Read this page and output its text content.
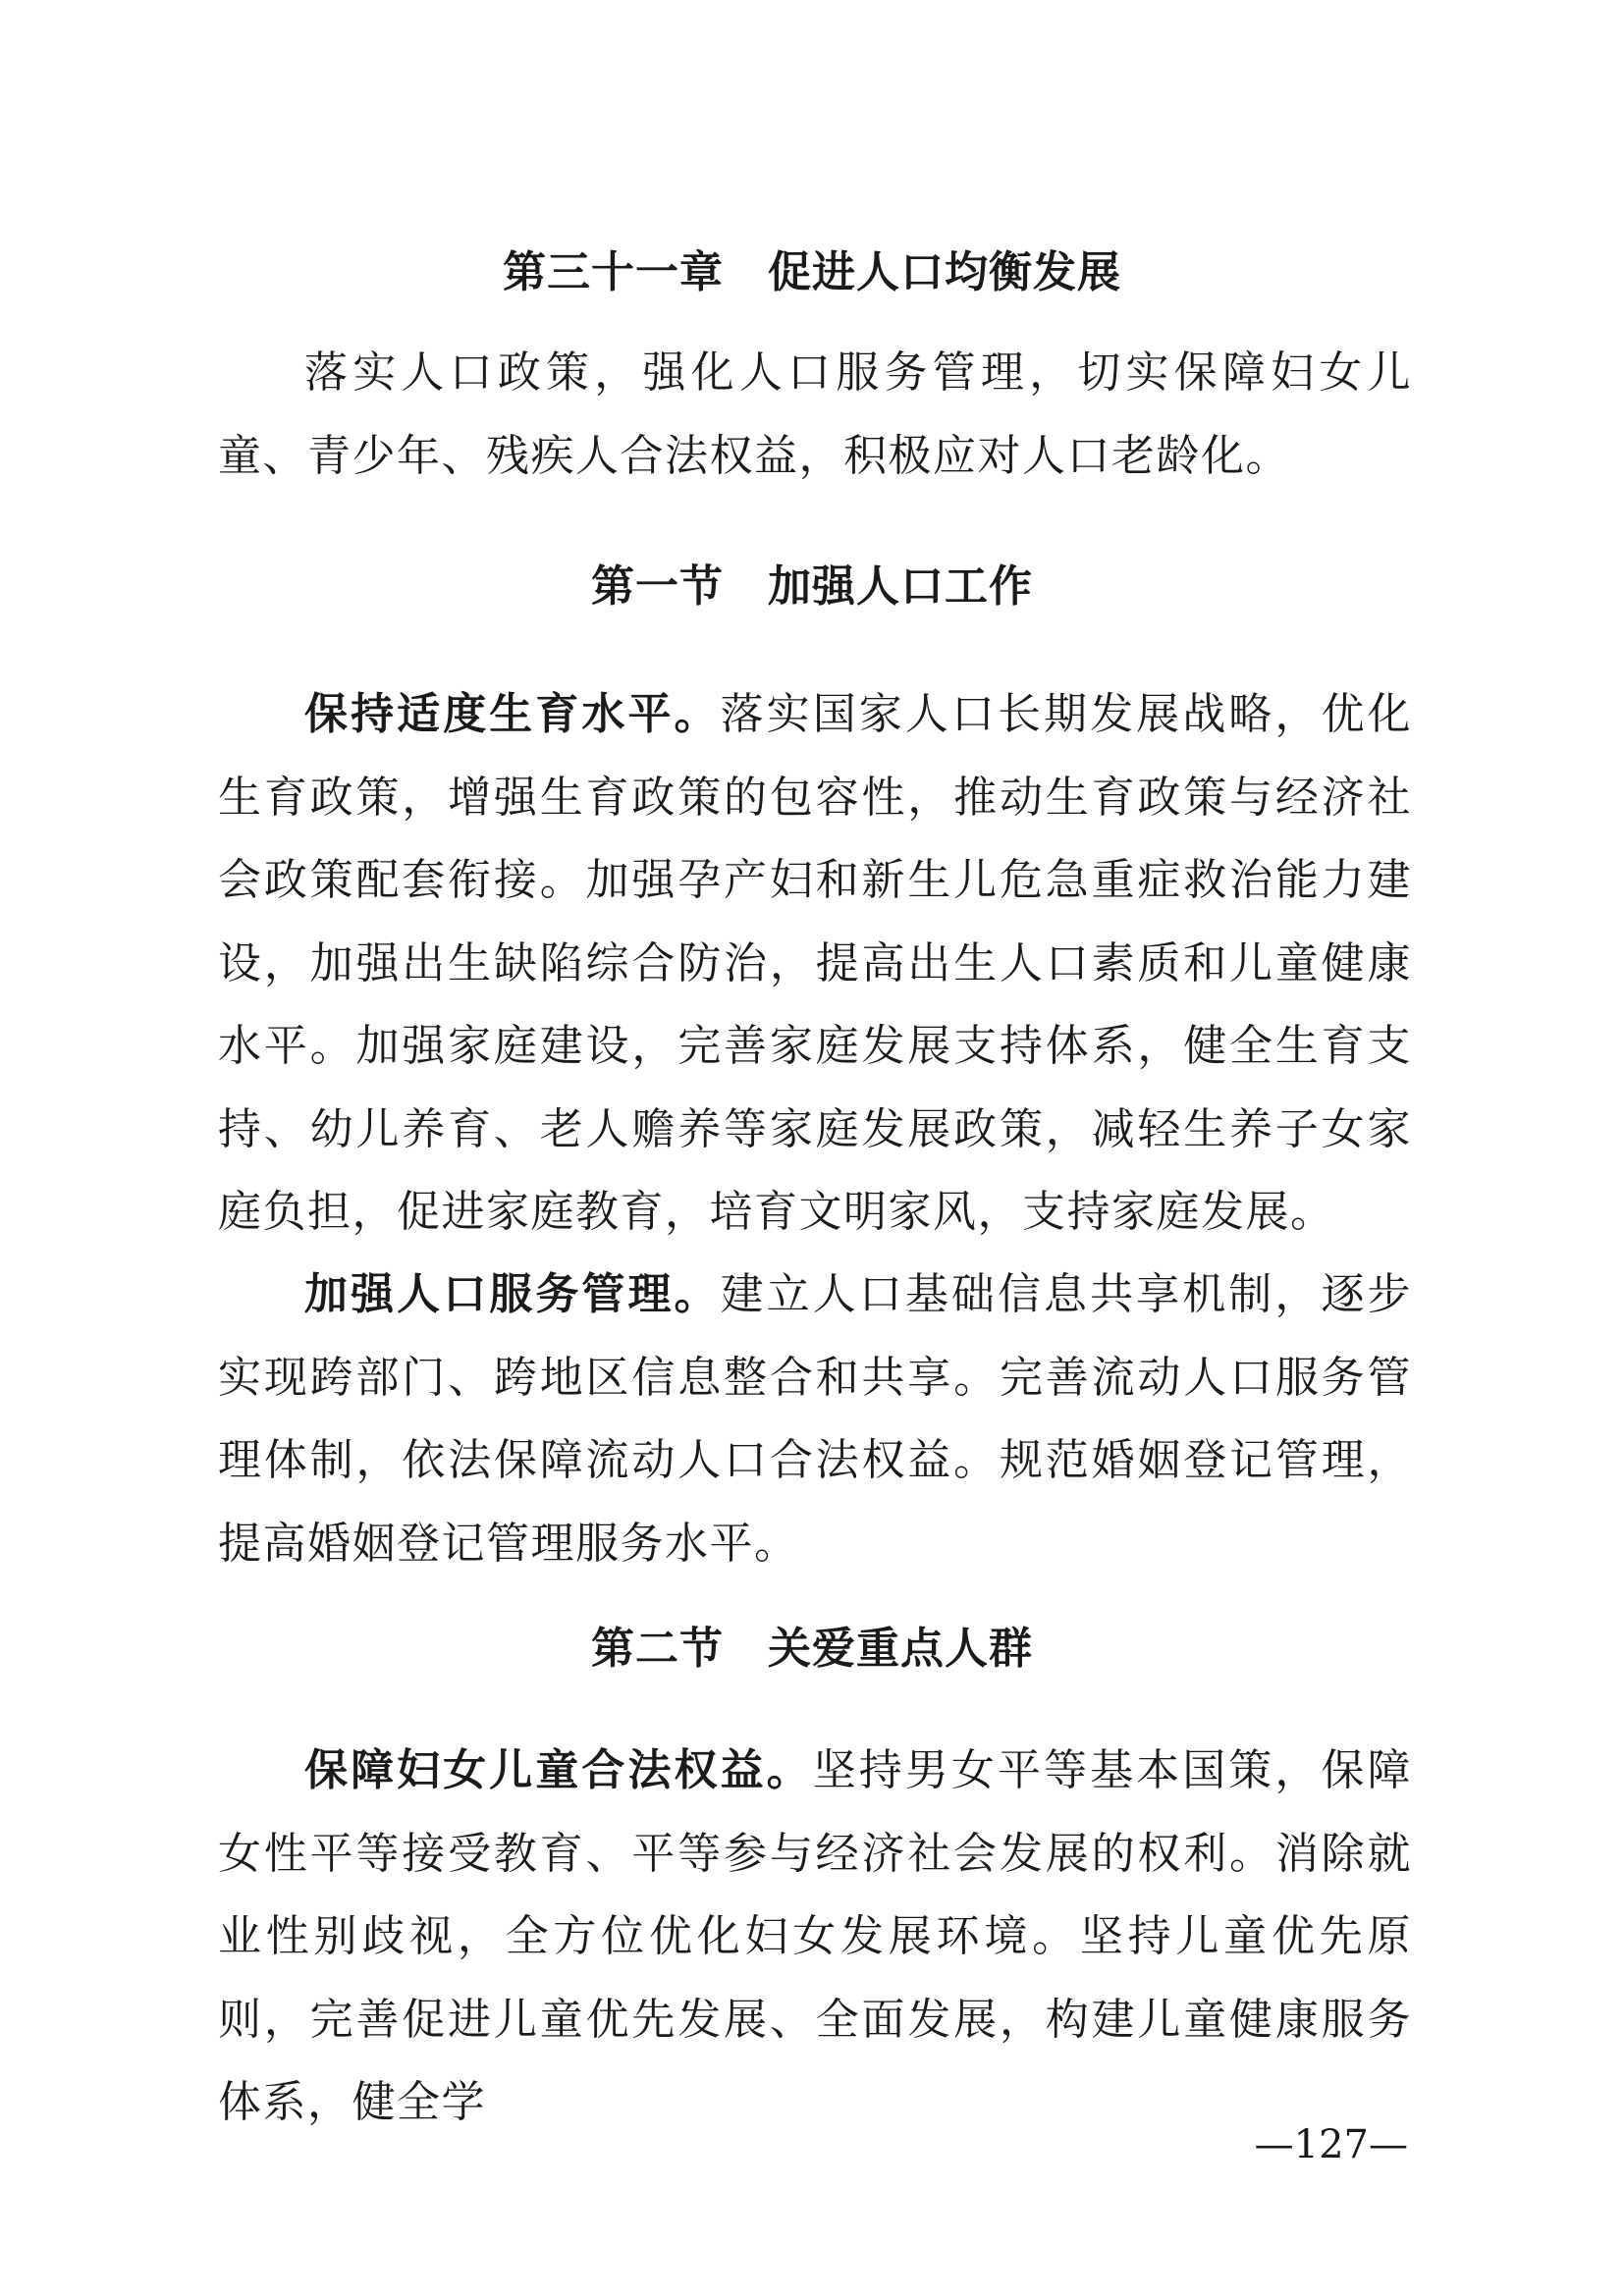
第三十一章　促进人口均衡发展

落实人口政策，强化人口服务管理，切实保障妇女儿童、青少年、残疾人合法权益，积极应对人口老龄化。

第一节　加强人口工作

保持适度生育水平。落实国家人口长期发展战略，优化生育政策，增强生育政策的包容性，推动生育政策与经济社会政策配套衔接。加强孕产妇和新生儿危急重症救治能力建设，加强出生缺陷综合防治，提高出生人口素质和儿童健康水平。加强家庭建设，完善家庭发展支持体系，健全生育支持、幼儿养育、老人赡养等家庭发展政策，减轻生养子女家庭负担，促进家庭教育，培育文明家风，支持家庭发展。

加强人口服务管理。建立人口基础信息共享机制，逐步实现跨部门、跨地区信息整合和共享。完善流动人口服务管理体制，依法保障流动人口合法权益。规范婚姻登记管理，提高婚姻登记管理服务水平。

第二节　关爱重点人群

保障妇女儿童合法权益。坚持男女平等基本国策，保障女性平等接受教育、平等参与经济社会发展的权利。消除就业性别歧视，全方位优化妇女发展环境。坚持儿童优先原则，完善促进儿童优先发展、全面发展，构建儿童健康服务体系，健全学

—127—
